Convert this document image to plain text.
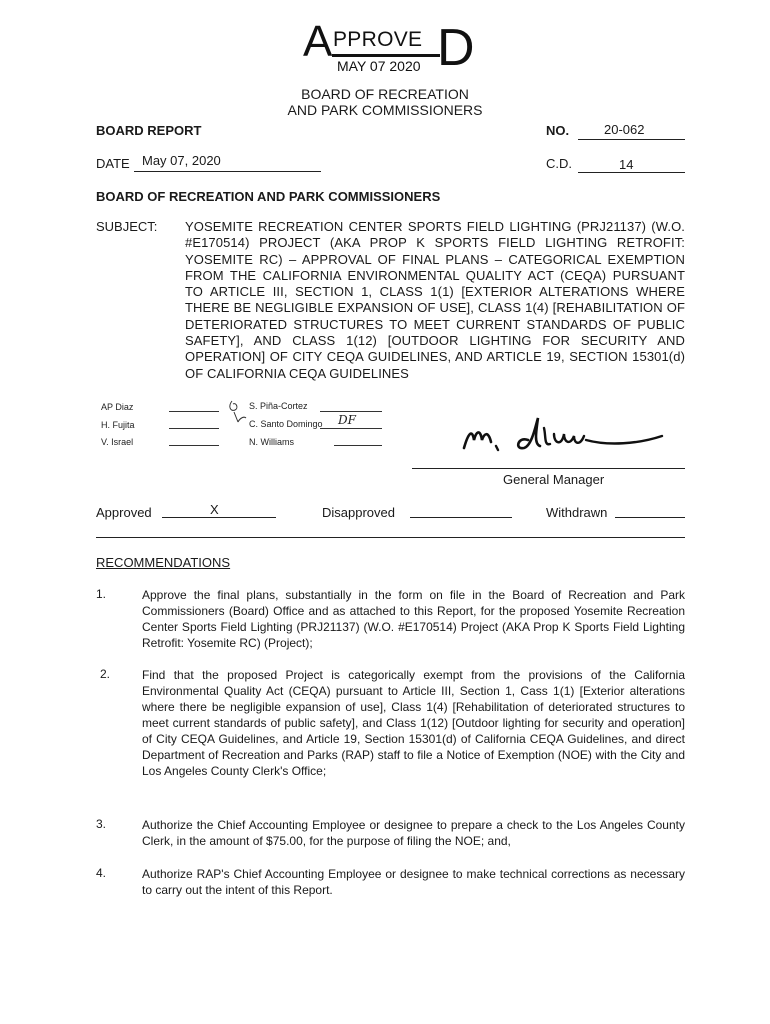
A PPROVE D
MAY 07 2020
BOARD OF RECREATION
AND PARK COMMISSIONERS
BOARD REPORT	NO.	20-062
DATE May 07, 2020	C.D.	14
BOARD OF RECREATION AND PARK COMMISSIONERS
SUBJECT: YOSEMITE RECREATION CENTER SPORTS FIELD LIGHTING (PRJ21137) (W.O. #E170514) PROJECT (AKA PROP K SPORTS FIELD LIGHTING RETROFIT: YOSEMITE RC) – APPROVAL OF FINAL PLANS – CATEGORICAL EXEMPTION FROM THE CALIFORNIA ENVIRONMENTAL QUALITY ACT (CEQA) PURSUANT TO ARTICLE III, SECTION 1, CLASS 1(1) [EXTERIOR ALTERATIONS WHERE THERE BE NEGLIGIBLE EXPANSION OF USE], CLASS 1(4) [REHABILITATION OF DETERIORATED STRUCTURES TO MEET CURRENT STANDARDS OF PUBLIC SAFETY], AND CLASS 1(12) [OUTDOOR LIGHTING FOR SECURITY AND OPERATION] OF CITY CEQA GUIDELINES, AND ARTICLE 19, SECTION 15301(d) OF CALIFORNIA CEQA GUIDELINES
AP Diaz
H. Fujita
V. Israel
S. Piña-Cortez
C. Santo Domingo
N. Williams
DF
General Manager
Approved	X	Disapproved	Withdrawn
RECOMMENDATIONS
1.	Approve the final plans, substantially in the form on file in the Board of Recreation and Park Commissioners (Board) Office and as attached to this Report, for the proposed Yosemite Recreation Center Sports Field Lighting (PRJ21137) (W.O. #E170514) Project (AKA Prop K Sports Field Lighting Retrofit: Yosemite RC) (Project);
2.	Find that the proposed Project is categorically exempt from the provisions of the California Environmental Quality Act (CEQA) pursuant to Article III, Section 1, Cass 1(1) [Exterior alterations where there be negligible expansion of use], Class 1(4) [Rehabilitation of deteriorated structures to meet current standards of public safety], and Class 1(12) [Outdoor lighting for security and operation] of City CEQA Guidelines, and Article 19, Section 15301(d) of California CEQA Guidelines, and direct Department of Recreation and Parks (RAP) staff to file a Notice of Exemption (NOE) with the City and Los Angeles County Clerk's Office;
3.	Authorize the Chief Accounting Employee or designee to prepare a check to the Los Angeles County Clerk, in the amount of $75.00, for the purpose of filing the NOE; and,
4.	Authorize RAP's Chief Accounting Employee or designee to make technical corrections as necessary to carry out the intent of this Report.
